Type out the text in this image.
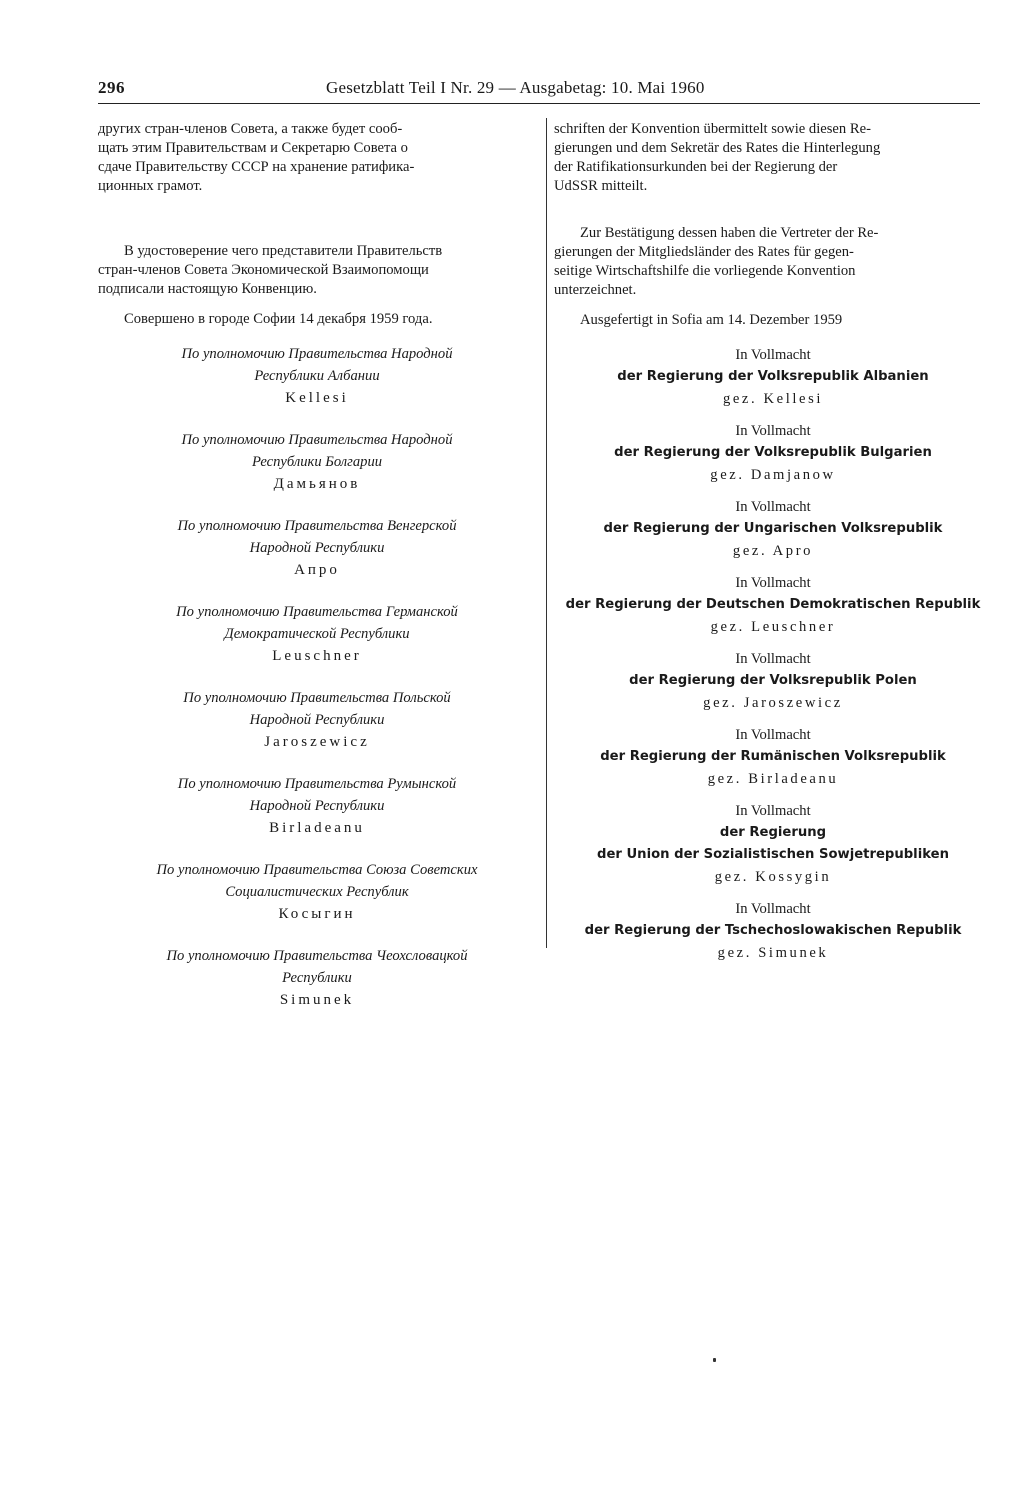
296	Gesetzblatt Teil I Nr. 29 — Ausgabetag: 10. Mai 1960

других стран-членов Совета, а также будет сооб-
щать этим Правительствам и Секретарю Совета о
сдаче Правительству СССР на хранение ратифика-
ционных грамот.

В удостоверение чего представители Правительств
стран-членов Совета Экономической Взаимопомощи
подписали настоящую Конвенцию.

Совершено в городе Софии 14 декабря 1959 года.

По уполномочию Правительства Народной
Республики Албании
Kellesi
По уполномочию Правительства Народной
Республики Болгарии
Дамьянов
По уполномочию Правительства Венгерской
Народной Республики
Апро
По уполномочию Правительства Германской
Демократической Республики
Leuschner
По уполномочию Правительства Польской
Народной Республики
Jaroszewicz
По уполномочию Правительства Румынской
Народной Республики
Birladeanu
По уполномочию Правительства Союза Советских
Социалистических Республик
Косыгин
По уполномочию Правительства Чеохсловацкой
Республики
Simunek

schriften der Konvention übermittelt sowie diesen Re-
gierungen und dem Sekretär des Rates die Hinterlegung
der Ratifikationsurkunden bei der Regierung der
UdSSR mitteilt.

Zur Bestätigung dessen haben die Vertreter der Re-
gierungen der Mitgliedsländer des Rates für gegen-
seitige Wirtschaftshilfe die vorliegende Konvention
unterzeichnet.

Ausgefertigt in Sofia am 14. Dezember 1959

In Vollmacht
der Regierung der Volksrepublik Albanien
gez. Kellesi
In Vollmacht
der Regierung der Volksrepublik Bulgarien
gez. Damjanow
In Vollmacht
der Regierung der Ungarischen Volksrepublik
gez. Apro
In Vollmacht
der Regierung der Deutschen Demokratischen Republik
gez. Leuschner
In Vollmacht
der Regierung der Volksrepublik Polen
gez. Jaroszewicz
In Vollmacht
der Regierung der Rumänischen Volksrepublik
gez. Birladeanu
In Vollmacht
der Regierung
der Union der Sozialistischen Sowjetrepubliken
gez. Kossygin
In Vollmacht
der Regierung der Tschechoslowakischen Republik
gez. Simunek
